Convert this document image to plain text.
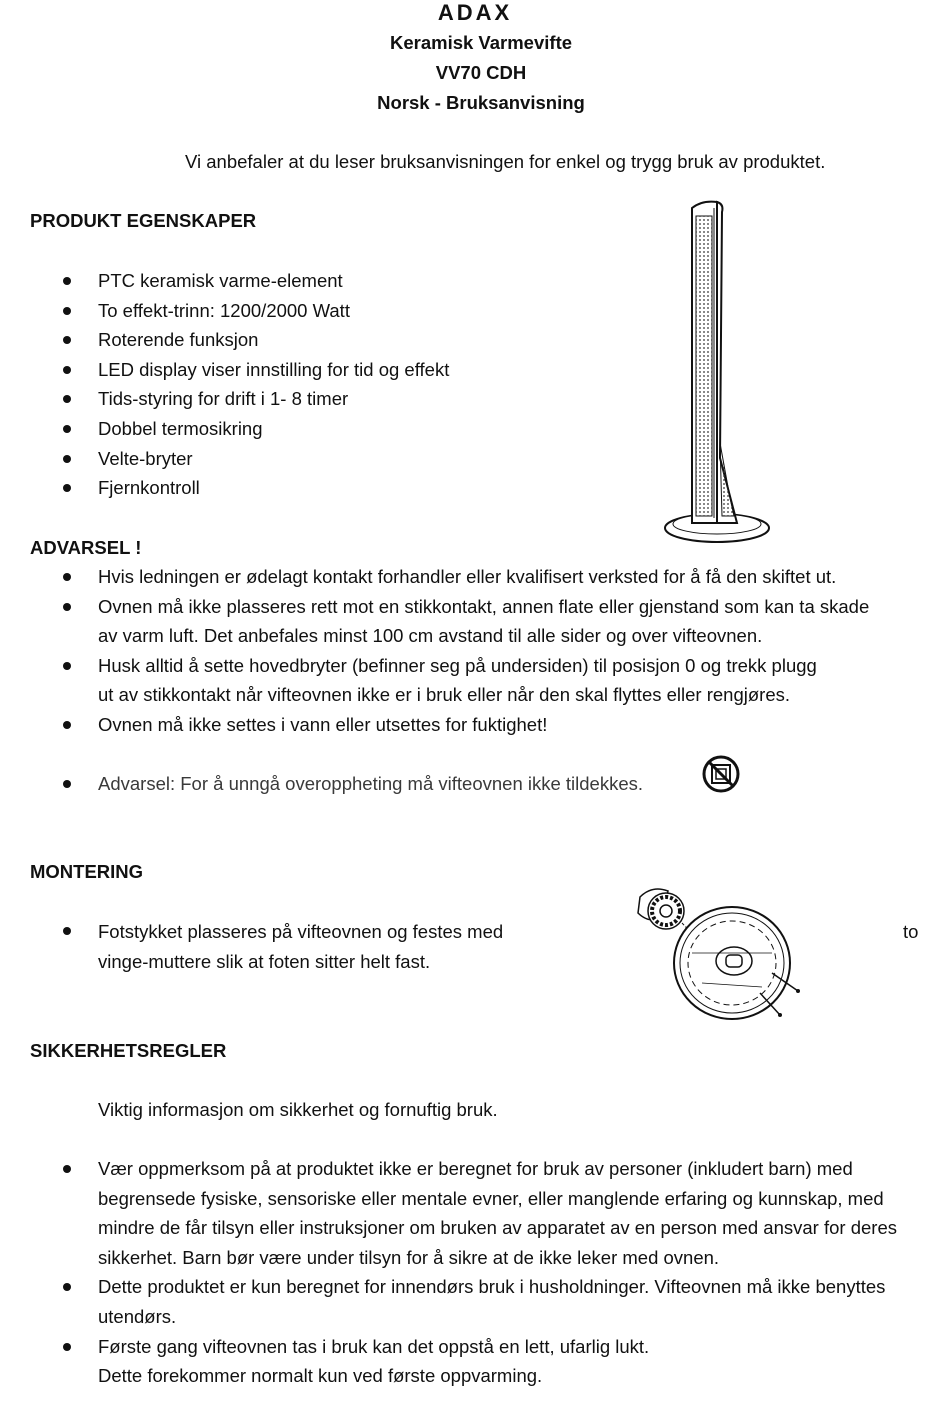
ADAX
Keramisk Varmevifte
VV70 CDH
Norsk - Bruksanvisning
Vi anbefaler at du leser bruksanvisningen for enkel og trygg bruk av produktet.
PRODUKT EGENSKAPER
ADVARSEL !
Advarsel: For å unngå overoppheting må vifteovnen ikke tildekkes.
MONTERING
Fotstykket plasseres på vifteovnen og festes med	to
vinge-muttere slik at foten sitter helt fast.
SIKKERHETSREGLER
Viktig informasjon om sikkerhet og fornuftig bruk.
PTC keramisk varme-element
To effekt-trinn: 1200/2000 Watt
Roterende funksjon
LED display viser innstilling for tid og effekt
Tids-styring for drift i 1- 8 timer
Dobbel termosikring
Velte-bryter
Fjernkontroll
Hvis ledningen er ødelagt kontakt forhandler eller kvalifisert verksted for å få den skiftet ut.
Ovnen må ikke plasseres rett mot en stikkontakt, annen flate eller gjenstand som kan ta skade
av varm luft. Det anbefales minst 100 cm avstand til alle sider og over vifteovnen.
Husk alltid å sette hovedbryter (befinner seg på undersiden) til posisjon 0 og trekk plugg
ut av stikkontakt når vifteovnen ikke er i bruk eller når den skal flyttes eller rengjøres.
Ovnen må ikke settes i vann eller utsettes for fuktighet!
Vær oppmerksom på at produktet ikke er beregnet for bruk av personer (inkludert barn) med
begrensede fysiske, sensoriske eller mentale evner, eller manglende erfaring og kunnskap, med
mindre de får tilsyn eller instruksjoner om bruken av apparatet av en person med ansvar for deres
sikkerhet. Barn bør være under tilsyn for å sikre at de ikke leker med ovnen.
Dette produktet er kun beregnet for innendørs bruk i husholdninger. Vifteovnen må ikke benyttes
utendørs.
Første gang vifteovnen tas i bruk kan det oppstå en lett, ufarlig lukt.
Dette forekommer normalt kun ved første oppvarming.
